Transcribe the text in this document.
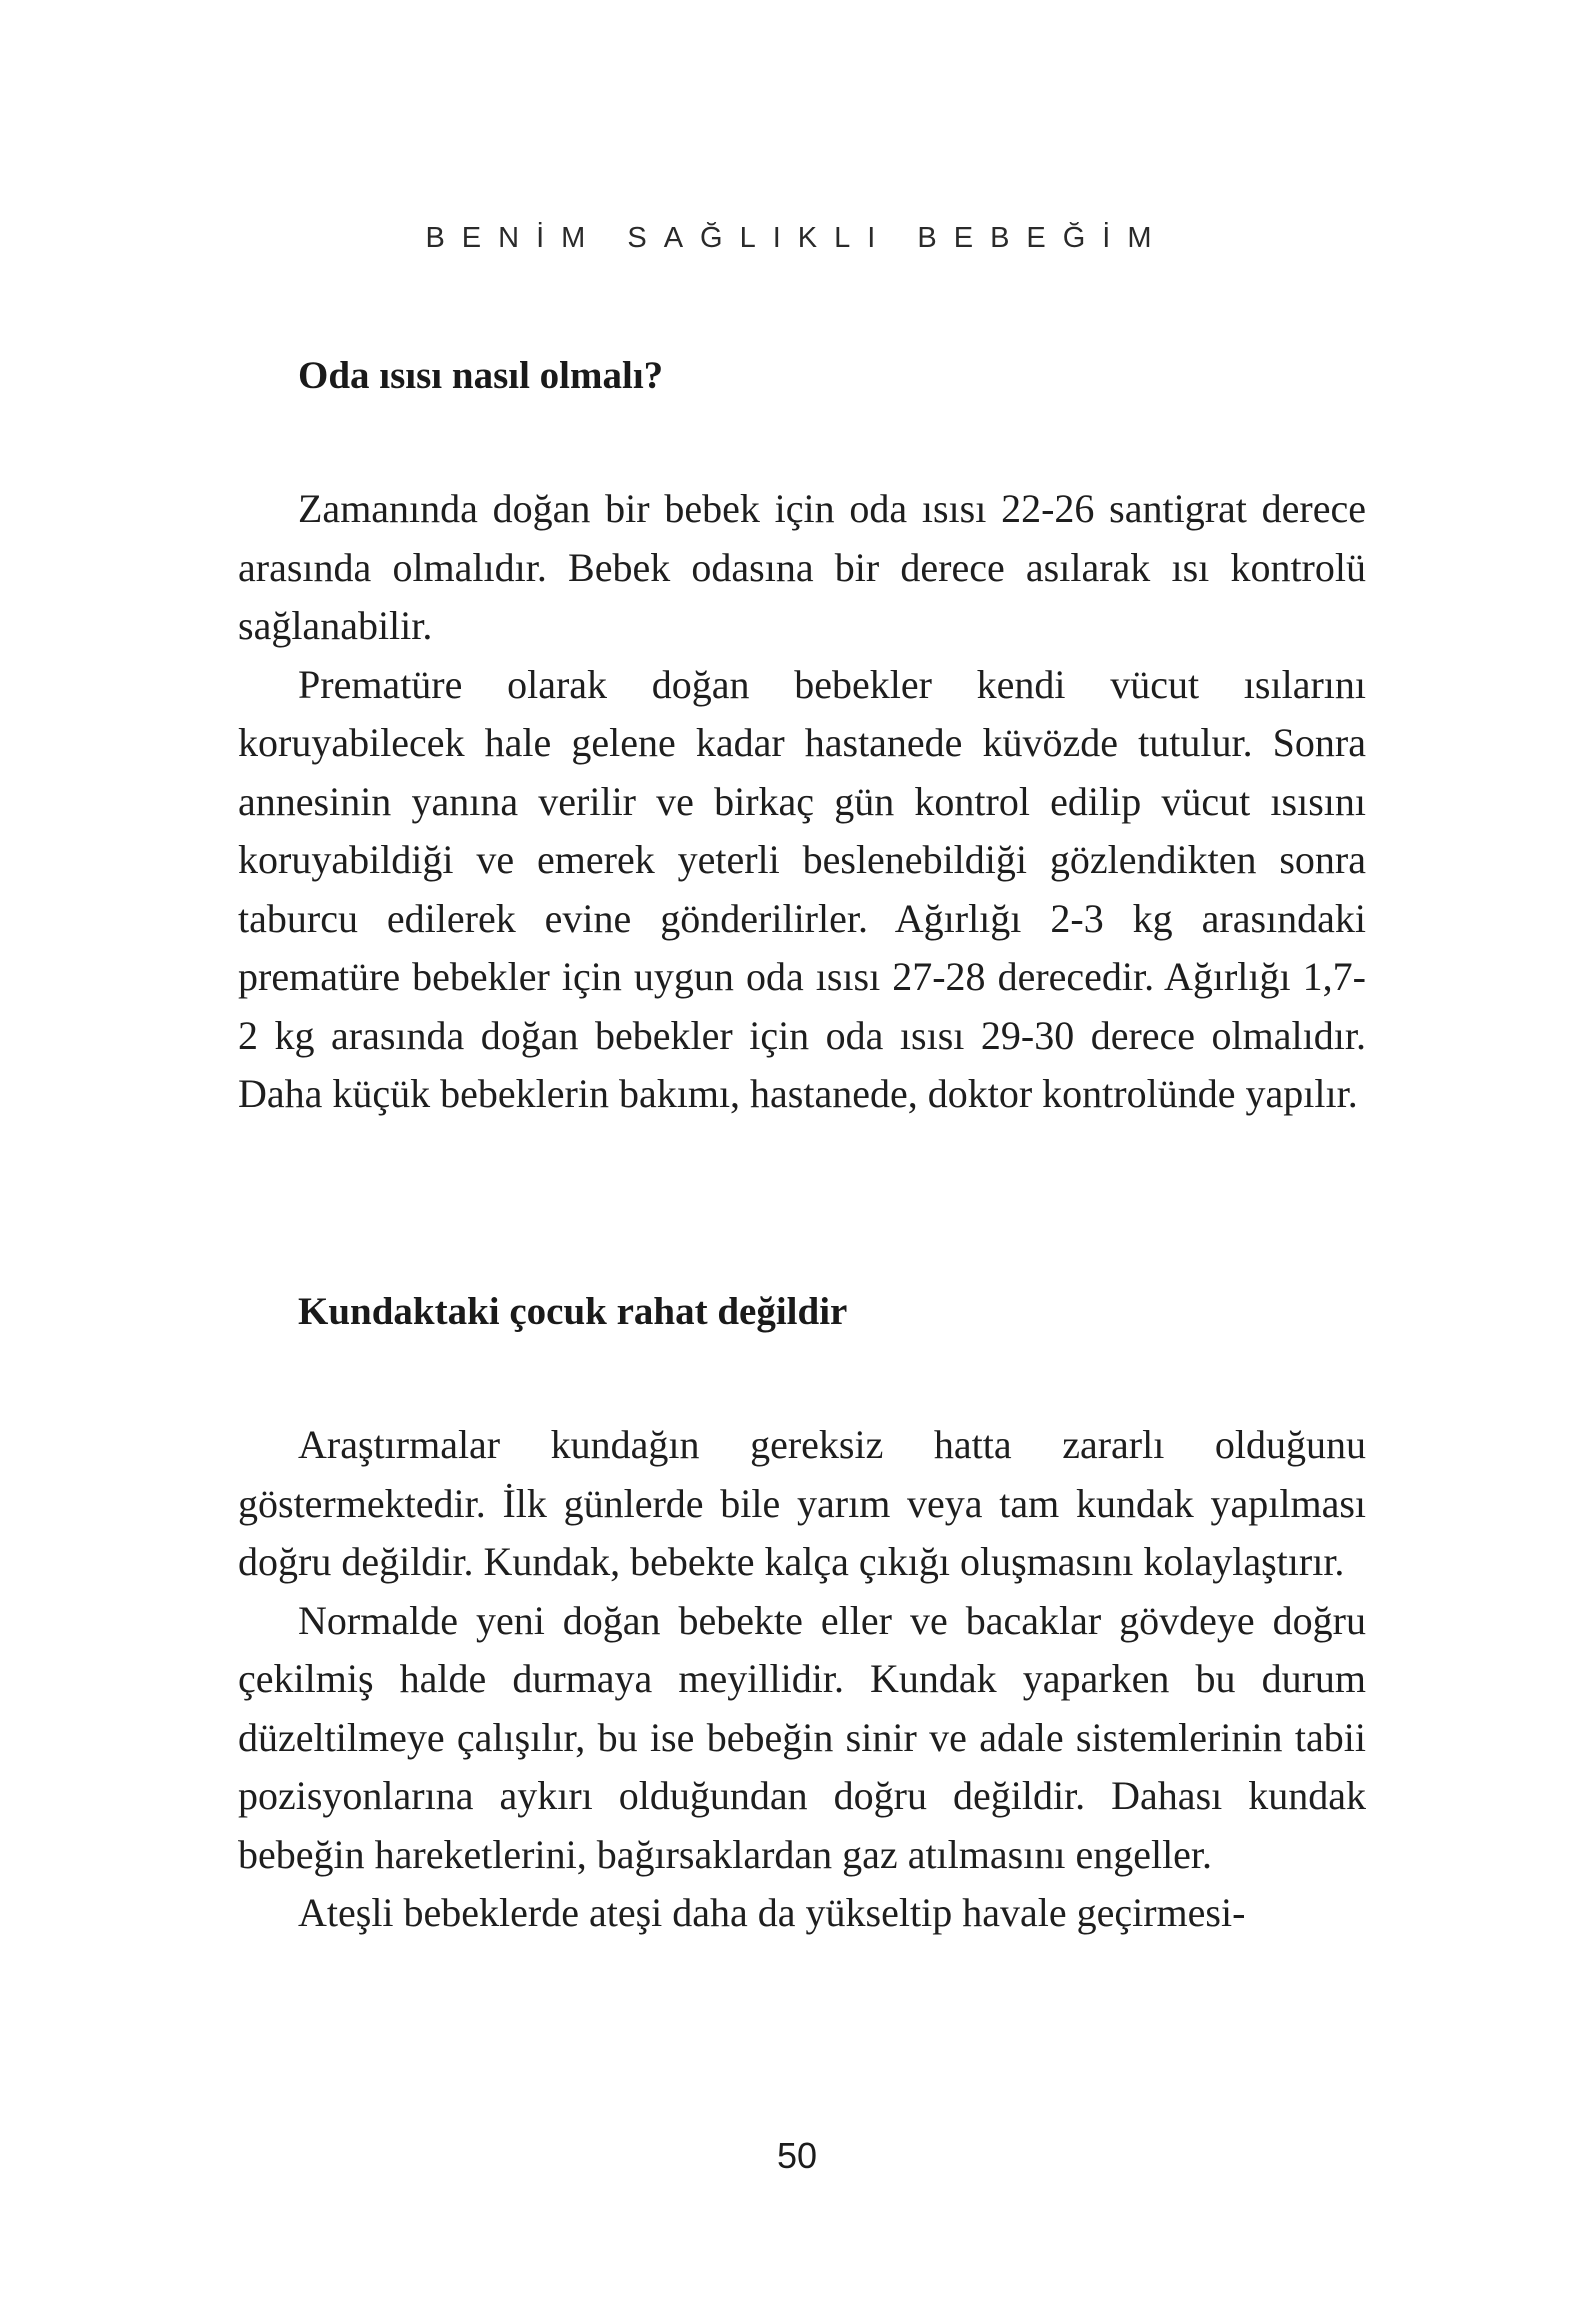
BENİM SAĞLIKLI BEBEĞİM
Oda ısısı nasıl olmalı?

Zamanında doğan bir bebek için oda ısısı 22-26 santigrat derece arasında olmalıdır. Bebek odasına bir derece asılarak ısı kontrolü sağlanabilir.

Prematüre olarak doğan bebekler kendi vücut ısılarını koruyabilecek hale gelene kadar hastanede küvözde tutulur. Sonra annesinin yanına verilir ve birkaç gün kontrol edilip vücut ısısını koruyabildiği ve emerek yeterli beslenebildiği gözlendikten sonra taburcu edilerek evine gönderilirler. Ağırlığı 2-3 kg arasındaki prematüre bebekler için uygun oda ısısı 27-28 derecedir. Ağırlığı 1,7-2 kg arasında doğan bebekler için oda ısısı 29-30 derece olmalıdır. Daha küçük bebeklerin bakımı, hastanede, doktor kontrolünde yapılır.

Kundaktaki çocuk rahat değildir

Araştırmalar kundağın gereksiz hatta zararlı olduğunu göstermektedir. İlk günlerde bile yarım veya tam kundak yapılması doğru değildir. Kundak, bebekte kalça çıkığı oluşmasını kolaylaştırır.

Normalde yeni doğan bebekte eller ve bacaklar gövdeye doğru çekilmiş halde durmaya meyillidir. Kundak yaparken bu durum düzeltilmeye çalışılır, bu ise bebeğin sinir ve adale sistemlerinin tabii pozisyonlarına aykırı olduğundan doğru değildir. Dahası kundak bebeğin hareketlerini, bağırsaklardan gaz atılmasını engeller.

Ateşli bebeklerde ateşi daha da yükseltip havale geçirmesi-

50
